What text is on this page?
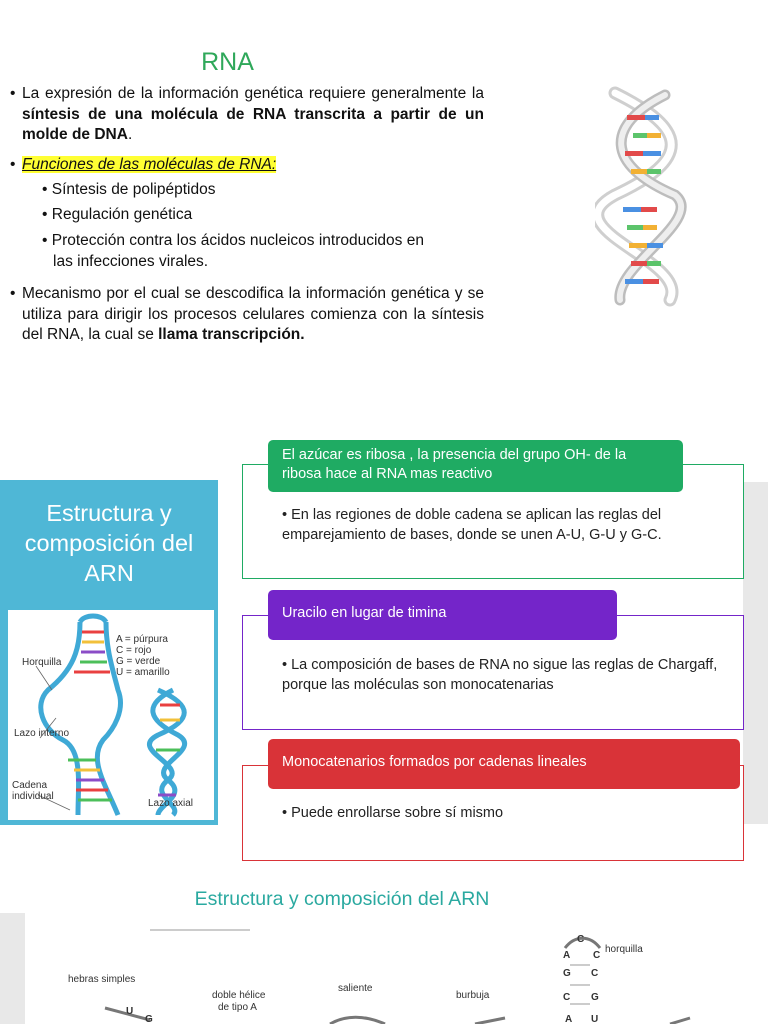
RNA
• La expresión de la información genética requiere generalmente la síntesis de una molécula de RNA transcrita a partir de un molde de DNA.
• Funciones de las moléculas de RNA:
• Síntesis de polipéptidos
• Regulación genética
• Protección contra los ácidos nucleicos introducidos en
las infecciones virales.
• Mecanismo por el cual se descodifica la información genética y se utiliza para dirigir los procesos celulares comienza con la síntesis del RNA, la cual se llama transcripción.
Estructura y composición del ARN
A = púrpura
C = rojo
G = verde
U = amarillo
Horquilla
Lazo interno
Cadena
individual
Lazo axial
El azúcar es ribosa , la presencia del grupo OH- de la ribosa hace al RNA mas reactivo
• En las regiones de doble cadena se aplican las reglas del emparejamiento de bases, donde se unen A-U, G-U y G-C.
Uracilo en lugar de timina
• La composición de bases de RNA no sigue las reglas de Chargaff, porque las moléculas son monocatenarias
Monocatenarios formados por cadenas lineales
• Puede enrollarse sobre sí mismo
Estructura y composición del ARN
hebras simples
doble hélice
de tipo A
saliente
burbuja
horquilla
C
A C
G C
C G
U
G	A U
